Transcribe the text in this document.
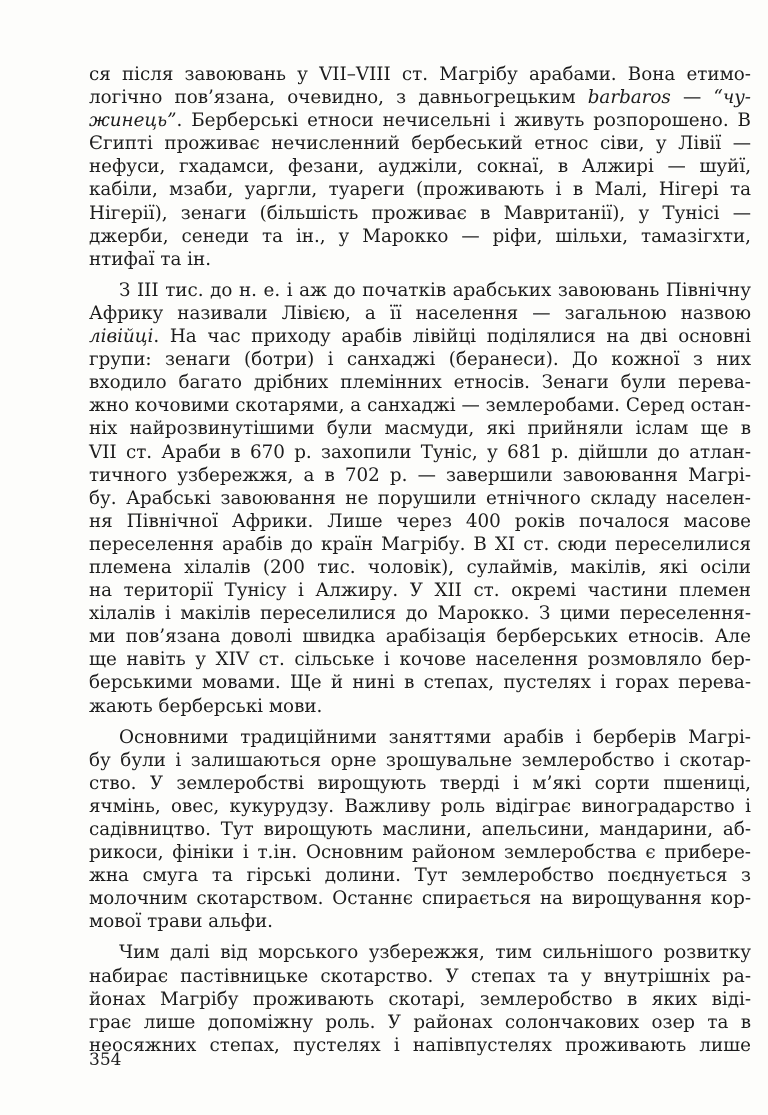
ся після завоювань у VII–VIII ст. Магрібу арабами. Вона етимо-
логічно пов’язана, очевидно, з давньогрецьким barbaros — “чу-
жинець”. Берберські етноси нечисельні і живуть розпорошено. В
Єгипті проживає нечисленний бербеський етнос сіви, у Лівії —
нефуси, гхадамси, фезани, ауджіли, сокнаї, в Алжирі — шуйї,
кабіли, мзаби, уаргли, туареги (проживають і в Малі, Нігері та
Нігерії), зенаги (більшість проживає в Мавританії), у Тунісі —
джерби, сенеди та ін., у Марокко — ріфи, шільхи, тамазігхти,
нтифаї та ін.
З III тис. до н. е. і аж до початків арабських завоювань Північну
Африку називали Лівією, а її населення — загальною назвою
лівійці. На час приходу арабів лівійці поділялися на дві основні
групи: зенаги (ботри) і санхаджі (беранеси). До кожної з них
входило багато дрібних племінних етносів. Зенаги були перева-
жно кочовими скотарями, а санхаджі — землеробами. Серед остан-
ніх найрозвинутішими були масмуди, які прийняли іслам ще в
VII ст. Араби в 670 р. захопили Туніс, у 681 р. дійшли до атлан-
тичного узбережжя, а в 702 р. — завершили завоювання Магрі-
бу. Арабські завоювання не порушили етнічного складу населен-
ня Північної Африки. Лише через 400 років почалося масове
переселення арабів до країн Магрібу. В XI ст. сюди переселилися
племена хілалів (200 тис. чоловік), сулаймів, макілів, які осіли
на території Тунісу і Алжиру. У XII ст. окремі частини племен
хілалів і макілів переселилися до Марокко. З цими переселення-
ми пов’язана доволі швидка арабізація берберських етносів. Але
ще навіть у XIV ст. сільське і кочове населення розмовляло бер-
берськими мовами. Ще й нині в степах, пустелях і горах перева-
жають берберські мови.
Основними традиційними заняттями арабів і берберів Магрі-
бу були і залишаються орне зрошувальне землеробство і скотар-
ство. У землеробстві вирощують тверді і м’які сорти пшениці,
ячмінь, овес, кукурудзу. Важливу роль відіграє виноградарство і
садівництво. Тут вирощують маслини, апельсини, мандарини, аб-
рикоси, фініки і т.ін. Основним районом землеробства є прибере-
жна смуга та гірські долини. Тут землеробство поєднується з
молочним скотарством. Останнє спирається на вирощування кор-
мової трави альфи.
Чим далі від морського узбережжя, тим сильнішого розвитку
набирає пастівницьке скотарство. У степах та у внутрішніх ра-
йонах Магрібу проживають скотарі, землеробство в яких віді-
грає лише допоміжну роль. У районах солончакових озер та в
неосяжних степах, пустелях і напівпустелях проживають лише
354
